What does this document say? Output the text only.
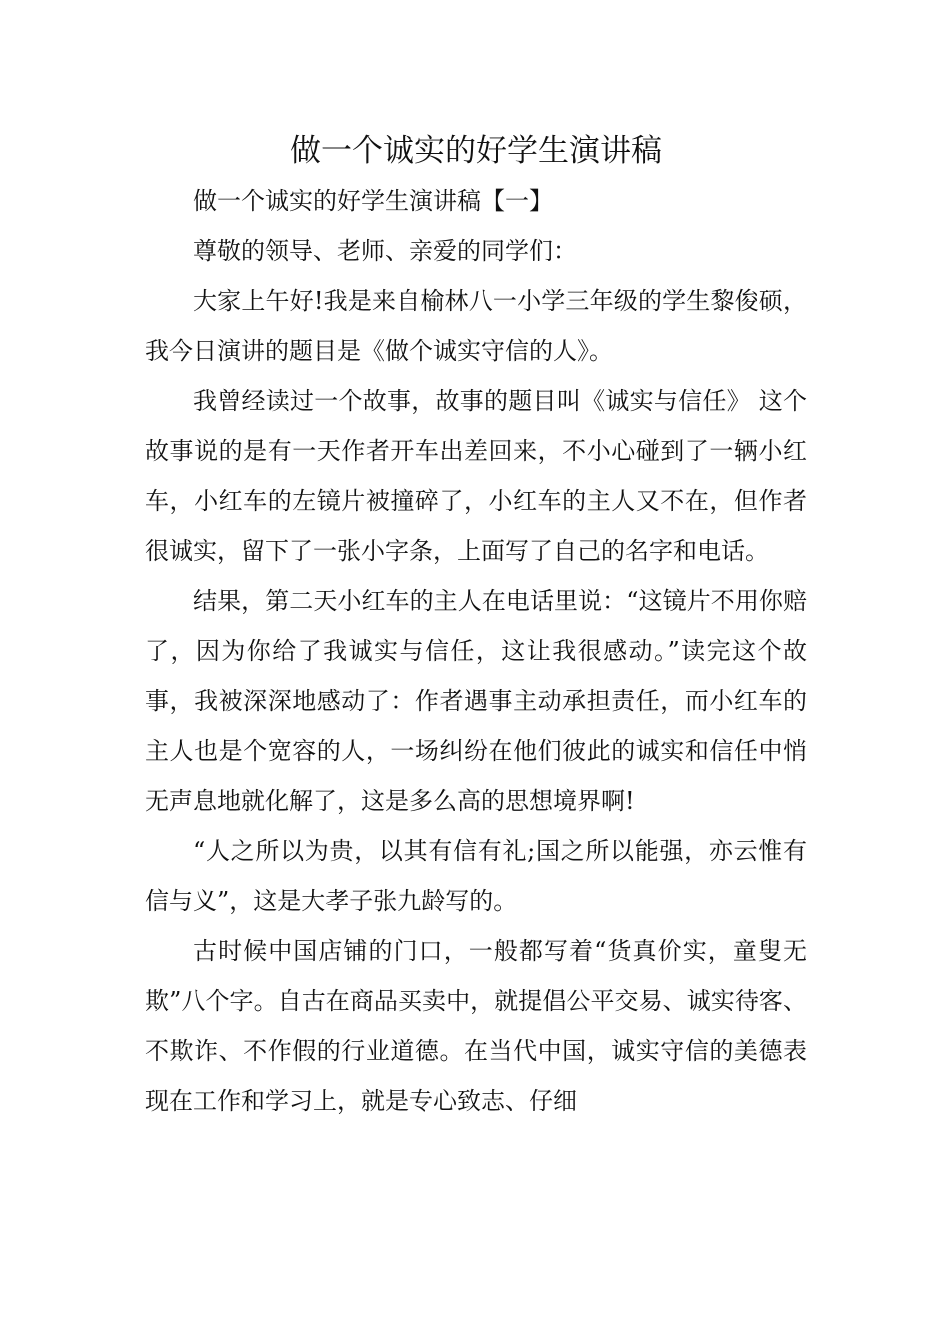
做一个诚实的好学生演讲稿

做一个诚实的好学生演讲稿【一】

尊敬的领导、老师、亲爱的同学们：

大家上午好!我是来自榆林八一小学三年级的学生黎俊硕，我今日演讲的题目是《做个诚实守信的人》。

我曾经读过一个故事，故事的题目叫《诚实与信任》 这个故事说的是有一天作者开车出差回来，不小心碰到了一辆小红车，小红车的左镜片被撞碎了，小红车的主人又不在，但作者很诚实，留下了一张小字条，上面写了自己的名字和电话。

结果，第二天小红车的主人在电话里说：“这镜片不用你赔了，因为你给了我诚实与信任，这让我很感动。”读完这个故事，我被深深地感动了：作者遇事主动承担责任，而小红车的主人也是个宽容的人，一场纠纷在他们彼此的诚实和信任中悄无声息地就化解了，这是多么高的思想境界啊!

“人之所以为贵，以其有信有礼;国之所以能强，亦云惟有信与义”，这是大孝子张九龄写的。

古时候中国店铺的门口，一般都写着“货真价实，童叟无欺”八个字。自古在商品买卖中，就提倡公平交易、诚实待客、不欺诈、不作假的行业道德。在当代中国，诚实守信的美德表现在工作和学习上，就是专心致志、仔细
